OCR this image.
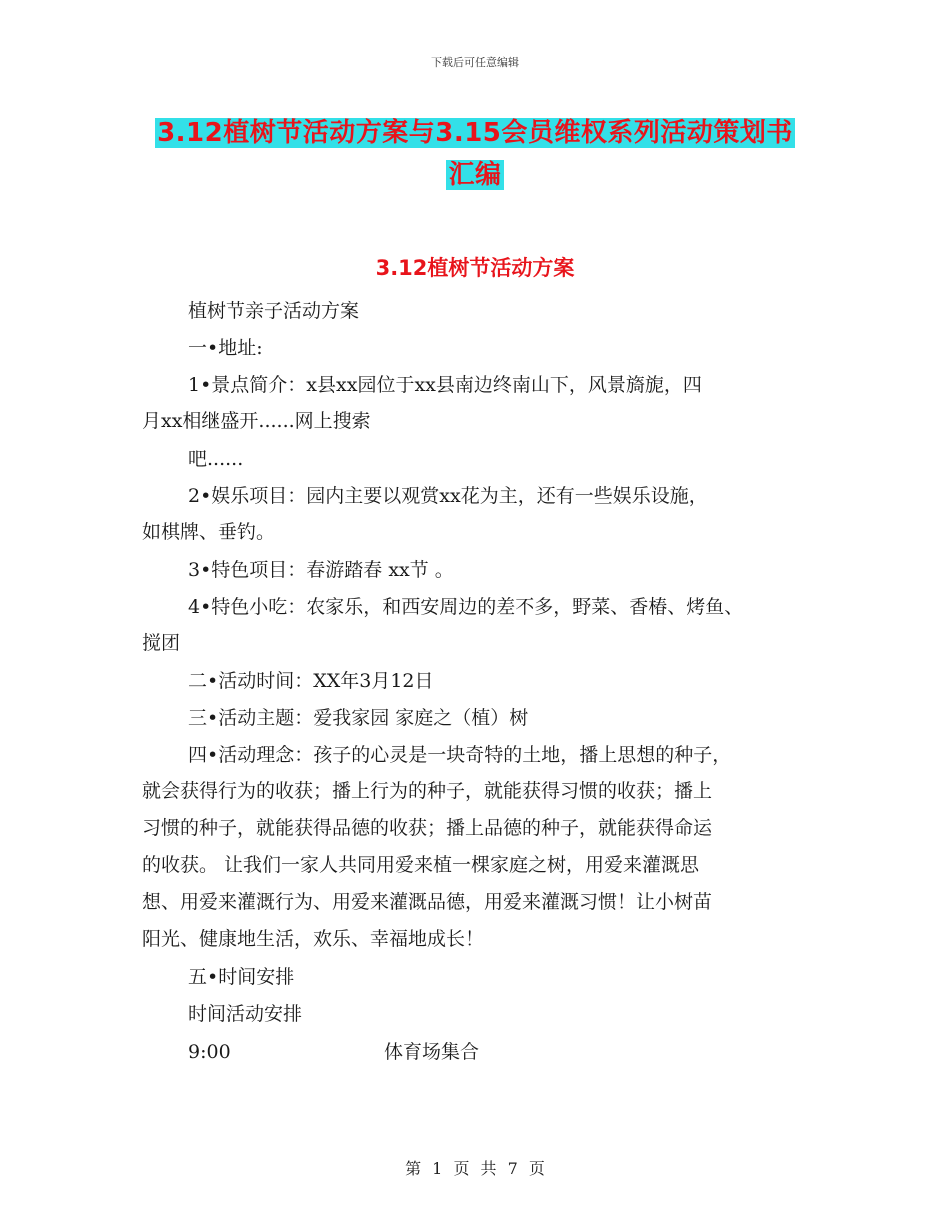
下载后可任意编辑
3.12植树节活动方案与3.15会员维权系列活动策划书
汇编
3.12植树节活动方案
植树节亲子活动方案
一•地址:
1•景点简介：x县xx园位于xx县南边终南山下，风景旖旎，四
月xx相继盛开......网上搜索
吧......
2•娱乐项目：园内主要以观赏xx花为主，还有一些娱乐设施，
如棋牌、垂钓。
3•特色项目：春游踏春 xx节 。
4•特色小吃：农家乐，和西安周边的差不多，野菜、香椿、烤鱼、
搅团
二•活动时间：XX年3月12日
三•活动主题：爱我家园 家庭之（植）树
四•活动理念：孩子的心灵是一块奇特的土地，播上思想的种子，
就会获得行为的收获；播上行为的种子，就能获得习惯的收获；播上
习惯的种子，就能获得品德的收获；播上品德的种子，就能获得命运
的收获。 让我们一家人共同用爱来植一棵家庭之树，用爱来灌溉思
想、用爱来灌溉行为、用爱来灌溉品德，用爱来灌溉习惯！让小树苗
阳光、健康地生活，欢乐、幸福地成长！
五•时间安排
时间活动安排
9:00	体育场集合
第 1 页 共 7 页
